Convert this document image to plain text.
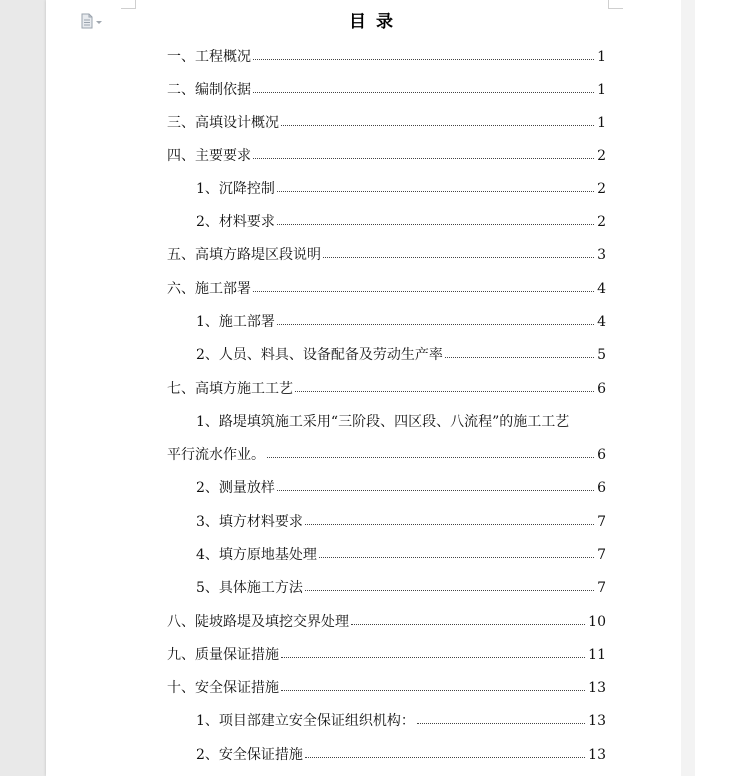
目录
一、工程概况	1
二、编制依据	1
三、高填设计概况	1
四、主要要求	2
1、沉降控制	2
2、材料要求	2
五、高填方路堤区段说明	3
六、施工部署	4
1、施工部署	4
2、人员、料具、设备配备及劳动生产率	5
七、高填方施工工艺	6
1、路堤填筑施工采用“三阶段、四区段、八流程”的施工工艺
平行流水作业。	6
2、测量放样	6
3、填方材料要求	7
4、填方原地基处理	7
5、具体施工方法	7
八、陡坡路堤及填挖交界处理	10
九、质量保证措施	11
十、安全保证措施	13
1、项目部建立安全保证组织机构：	13
2、安全保证措施	13
